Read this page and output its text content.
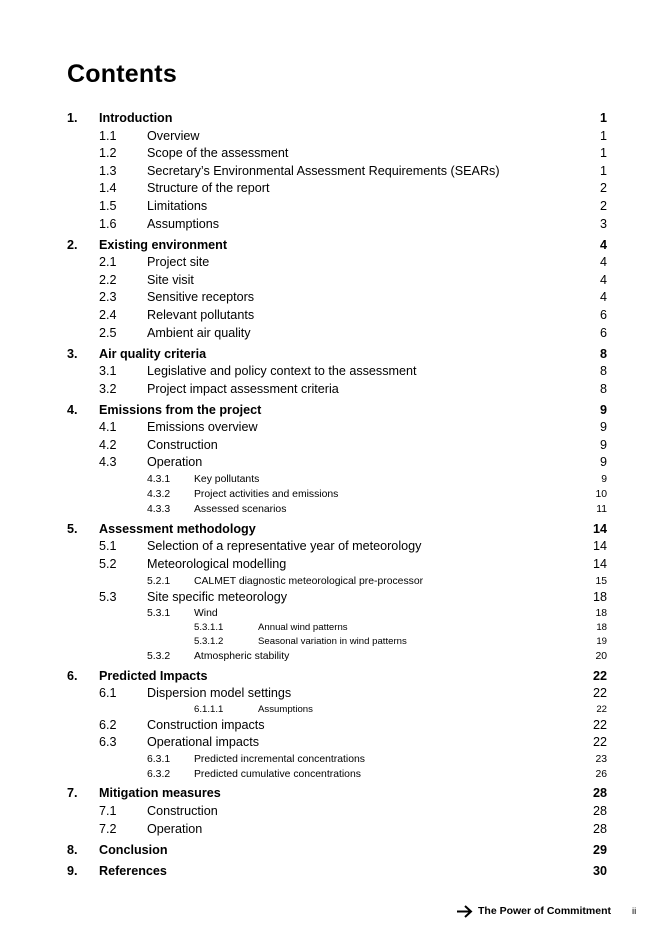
Contents
1. Introduction	1
1.1 Overview	1
1.2 Scope of the assessment	1
1.3 Secretary’s Environmental Assessment Requirements (SEARs)	1
1.4 Structure of the report	2
1.5 Limitations	2
1.6 Assumptions	3
2. Existing environment	4
2.1 Project site	4
2.2 Site visit	4
2.3 Sensitive receptors	4
2.4 Relevant pollutants	6
2.5 Ambient air quality	6
3. Air quality criteria	8
3.1 Legislative and policy context to the assessment	8
3.2 Project impact assessment criteria	8
4. Emissions from the project	9
4.1 Emissions overview	9
4.2 Construction	9
4.3 Operation	9
4.3.1 Key pollutants	9
4.3.2 Project activities and emissions	10
4.3.3 Assessed scenarios	11
5. Assessment methodology	14
5.1 Selection of a representative year of meteorology	14
5.2 Meteorological modelling	14
5.2.1 CALMET diagnostic meteorological pre-processor	15
5.3 Site specific meteorology	18
5.3.1 Wind	18
5.3.1.1	Annual wind patterns	18
5.3.1.2	Seasonal variation in wind patterns	19
5.3.2 Atmospheric stability	20
6. Predicted Impacts	22
6.1 Dispersion model settings	22
6.1.1.1	Assumptions	22
6.2 Construction impacts	22
6.3 Operational impacts	22
6.3.1 Predicted incremental concentrations	23
6.3.2 Predicted cumulative concentrations	26
7. Mitigation measures	28
7.1 Construction	28
7.2 Operation	28
8. Conclusion	29
9. References	30
The Power of Commitment ii
